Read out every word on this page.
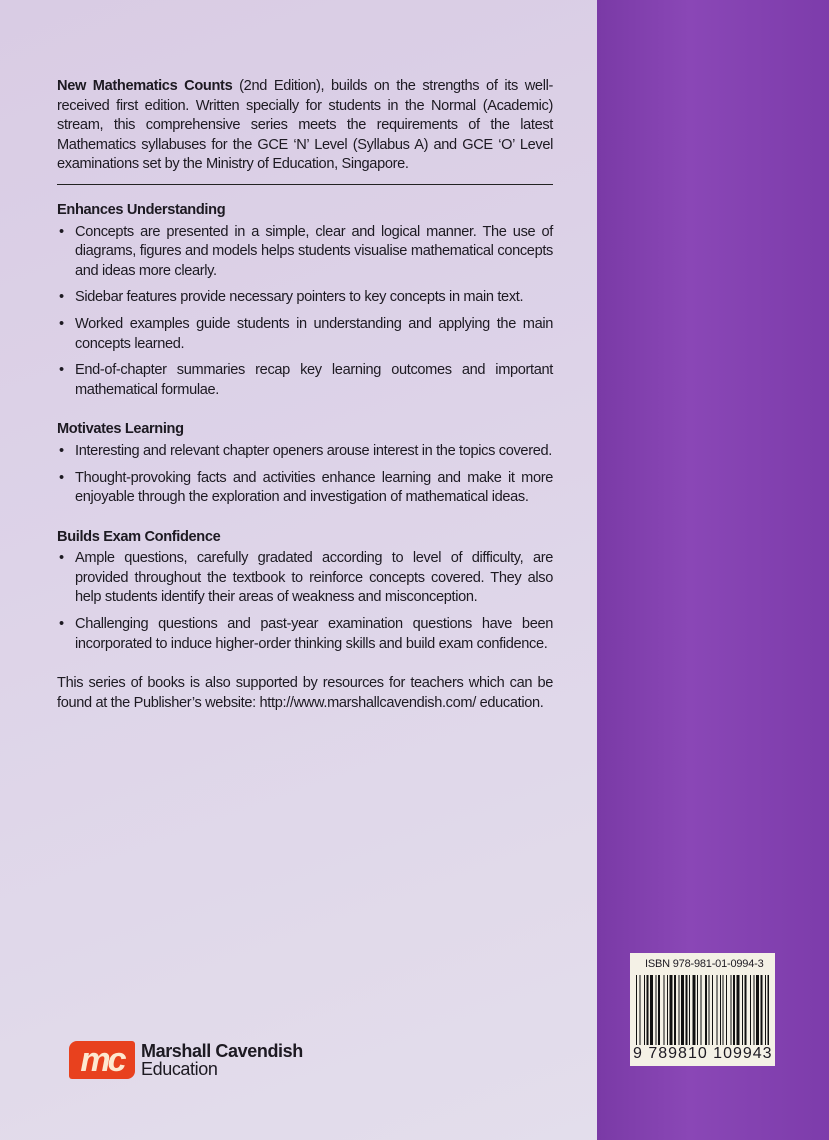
New Mathematics Counts (2nd Edition), builds on the strengths of its well-received first edition. Written specially for students in the Normal (Academic) stream, this comprehensive series meets the requirements of the latest Mathematics syllabuses for the GCE ‘N’ Level (Syllabus A) and GCE ‘O’ Level examinations set by the Ministry of Education, Singapore.

Enhances Understanding
• Concepts are presented in a simple, clear and logical manner. The use of diagrams, figures and models helps students visualise mathematical concepts and ideas more clearly.
• Sidebar features provide necessary pointers to key concepts in main text.
• Worked examples guide students in understanding and applying the main concepts learned.
• End-of-chapter summaries recap key learning outcomes and important mathematical formulae.
Motivates Learning
• Interesting and relevant chapter openers arouse interest in the topics covered.
• Thought-provoking facts and activities enhance learning and make it more enjoyable through the exploration and investigation of mathematical ideas.
Builds Exam Confidence
• Ample questions, carefully gradated according to level of difficulty, are provided throughout the textbook to reinforce concepts covered. They also help students identify their areas of weakness and misconception.
• Challenging questions and past-year examination questions have been incorporated to induce higher-order thinking skills and build exam confidence.

This series of books is also supported by resources for teachers which can be found at the Publisher’s website: http://www.marshallcavendish.com/ education.

mc Marshall Cavendish
Education
ISBN 978-981-01-0994-3
9 789810 109943
